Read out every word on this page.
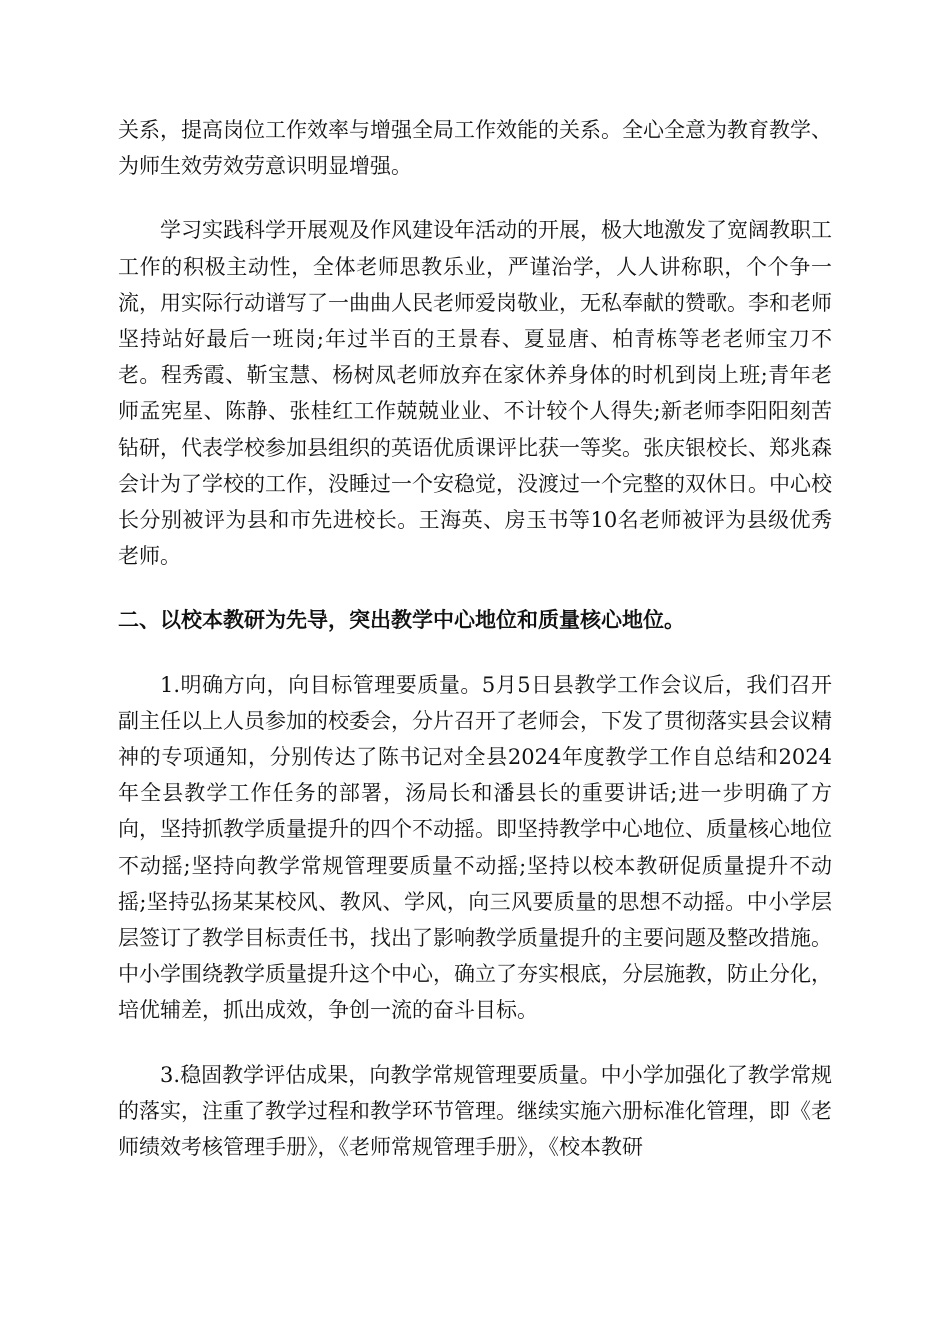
关系，提高岗位工作效率与增强全局工作效能的关系。全心全意为教育教学、为师生效劳效劳意识明显增强。

学习实践科学开展观及作风建设年活动的开展，极大地激发了宽阔教职工工作的积极主动性，全体老师思教乐业，严谨治学，人人讲称职，个个争一流，用实际行动谱写了一曲曲人民老师爱岗敬业，无私奉献的赞歌。李和老师坚持站好最后一班岗;年过半百的王景春、夏显唐、柏青栋等老老师宝刀不老。程秀霞、靳宝慧、杨树凤老师放弃在家休养身体的时机到岗上班;青年老师孟宪星、陈静、张桂红工作兢兢业业、不计较个人得失;新老师李阳阳刻苦钻研，代表学校参加县组织的英语优质课评比获一等奖。张庆银校长、郑兆森会计为了学校的工作，没睡过一个安稳觉，没渡过一个完整的双休日。中心校长分别被评为县和市先进校长。王海英、房玉书等10名老师被评为县级优秀老师。

二、以校本教研为先导，突出教学中心地位和质量核心地位。

1.明确方向，向目标管理要质量。5月5日县教学工作会议后，我们召开副主任以上人员参加的校委会，分片召开了老师会，下发了贯彻落实县会议精神的专项通知，分别传达了陈书记对全县2024年度教学工作自总结和2024年全县教学工作任务的部署，汤局长和潘县长的重要讲话;进一步明确了方向，坚持抓教学质量提升的四个不动摇。即坚持教学中心地位、质量核心地位不动摇;坚持向教学常规管理要质量不动摇;坚持以校本教研促质量提升不动摇;坚持弘扬某某校风、教风、学风，向三风要质量的思想不动摇。中小学层层签订了教学目标责任书，找出了影响教学质量提升的主要问题及整改措施。中小学围绕教学质量提升这个中心，确立了夯实根底，分层施教，防止分化，培优辅差，抓出成效，争创一流的奋斗目标。

3.稳固教学评估成果，向教学常规管理要质量。中小学加强化了教学常规的落实，注重了教学过程和教学环节管理。继续实施六册标准化管理，即《老师绩效考核管理手册》，《老师常规管理手册》，《校本教研
